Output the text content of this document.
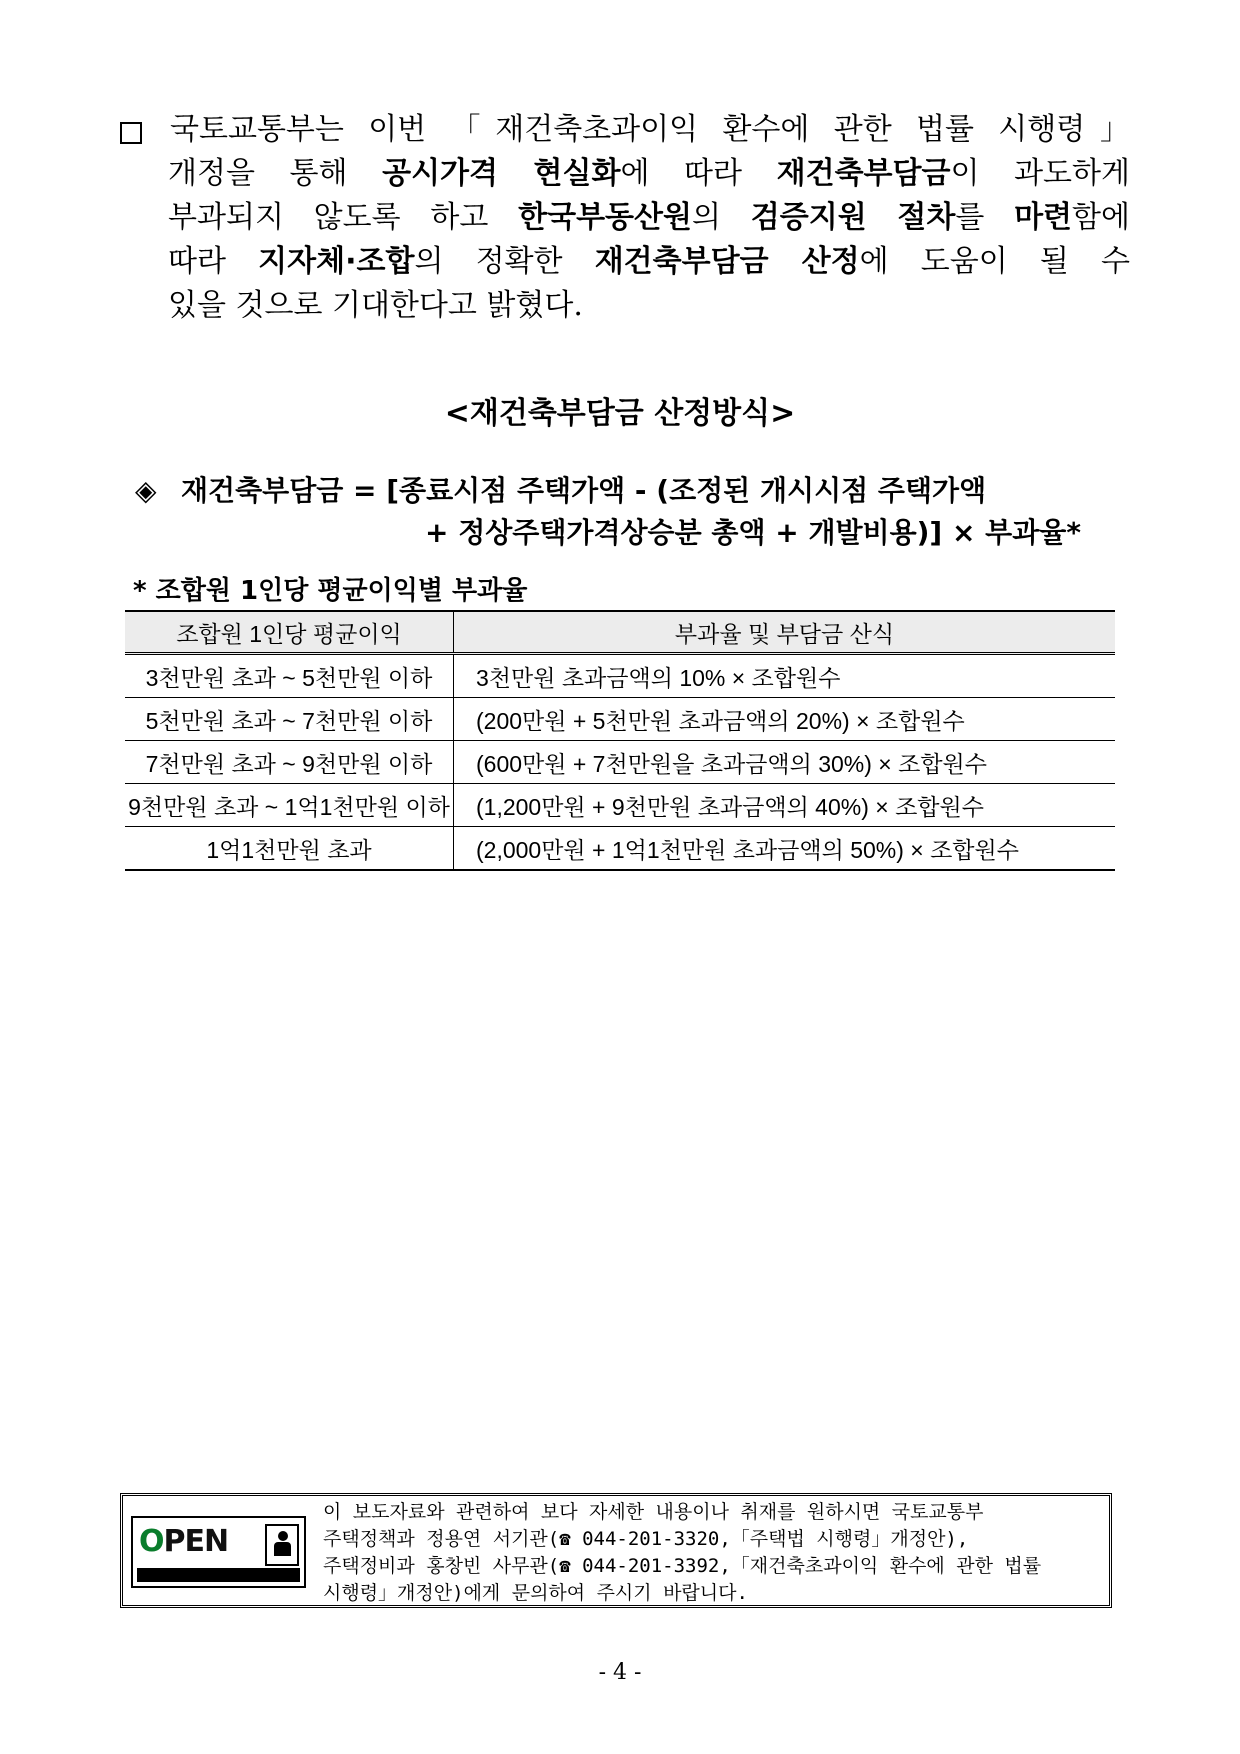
국토교통부는 이번 「재건축초과이익 환수에 관한 법률 시행령」
개정을 통해 공시가격 현실화에 따라 재건축부담금이 과도하게
부과되지 않도록 하고 한국부동산원의 검증지원 절차를 마련함에
따라 지자체·조합의 정확한 재건축부담금 산정에 도움이 될 수
있을 것으로 기대한다고 밝혔다.
<재건축부담금 산정방식>
◈ 재건축부담금 = [종료시점 주택가액 - (조정된 개시시점 주택가액
+ 정상주택가격상승분 총액 + 개발비용)] × 부과율*
* 조합원 1인당 평균이익별 부과율
조합원 1인당 평균이익	부과율 및 부담금 산식
3천만원 초과 ~ 5천만원 이하	3천만원 초과금액의 10% × 조합원수
5천만원 초과 ~ 7천만원 이하	(200만원 + 5천만원 초과금액의 20%) × 조합원수
7천만원 초과 ~ 9천만원 이하	(600만원 + 7천만원을 초과금액의 30%) × 조합원수
9천만원 초과 ~ 1억1천만원 이하	(1,200만원 + 9천만원 초과금액의 40%) × 조합원수
1억1천만원 초과	(2,000만원 + 1억1천만원 초과금액의 50%) × 조합원수
OPEN
이 보도자료와 관련하여 보다 자세한 내용이나 취재를 원하시면 국토교통부
주택정책과 정용연 서기관(☎ 044-201-3320,「주택법 시행령」개정안),
주택정비과 홍창빈 사무관(☎ 044-201-3392,「재건축초과이익 환수에 관한 법률
시행령」개정안)에게 문의하여 주시기 바랍니다.
- 4 -
